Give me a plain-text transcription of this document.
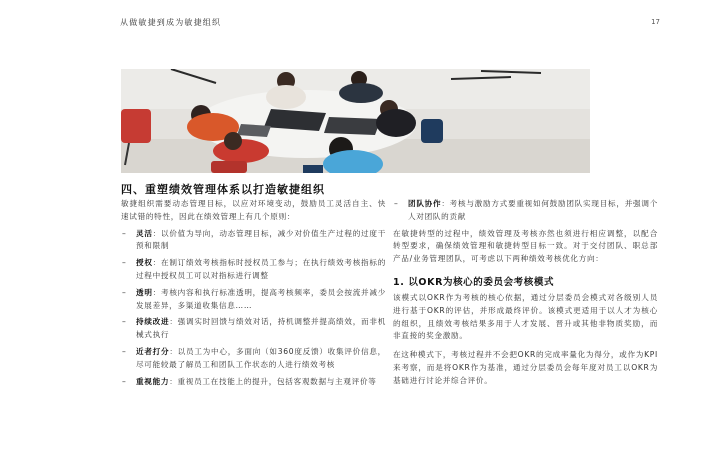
从做敏捷到成为敏捷组织	17
四、重塑绩效管理体系以打造敏捷组织

敏捷组织需要动态管理目标，以应对环境变动，鼓励员工灵活自主、快速试错的特性，因此在绩效管理上有几个原则：

– 灵活：以价值为导向，动态管理目标，减少对价值生产过程的过度干预和限制
– 授权：在制订绩效考核指标时授权员工参与；在执行绩效考核指标的过程中授权员工可以对指标进行调整
– 透明：考核内容和执行标准透明，提高考核频率，委员会按流并减少发展差异，多渠道收集信息……
– 持续改进：强调实时回馈与绩效对话，持机调整并提高绩效，而非机械式执行
– 近者打分：以员工为中心，多面向（如360度反馈）收集评价信息，尽可能较最了解员工和团队工作状态的人进行绩效考核
– 重视能力：重视员工在技能上的提升，包括客观数据与主观评价等
– 团队协作：考核与激励方式要重视如何鼓励团队实现目标，并强调个人对团队的贡献

在敏捷转型的过程中，绩效管理及考核亦然也须进行相应调整，以配合转型要求，确保绩效管理和敏捷转型目标一致。对于交付团队、职总部产品/业务管理团队，可考虑以下两种绩效考核优化方向：

1. 以OKR为核心的委员会考核模式

该模式以OKR作为考核的核心依据，通过分层委员会模式对各级别人员进行基于OKR的评估，并形成最终评价。该模式更适用于以人才为核心的组织，且绩效考核结果多用于人才发展、晋升或其他非物质奖励，而非直接的奖金激励。

在这种模式下，考核过程并不会把OKR的完成率量化为得分，或作为KPI来考察，而是将OKR作为基准，通过分层委员会每年度对员工以OKR为基础进行讨论并综合评价。
